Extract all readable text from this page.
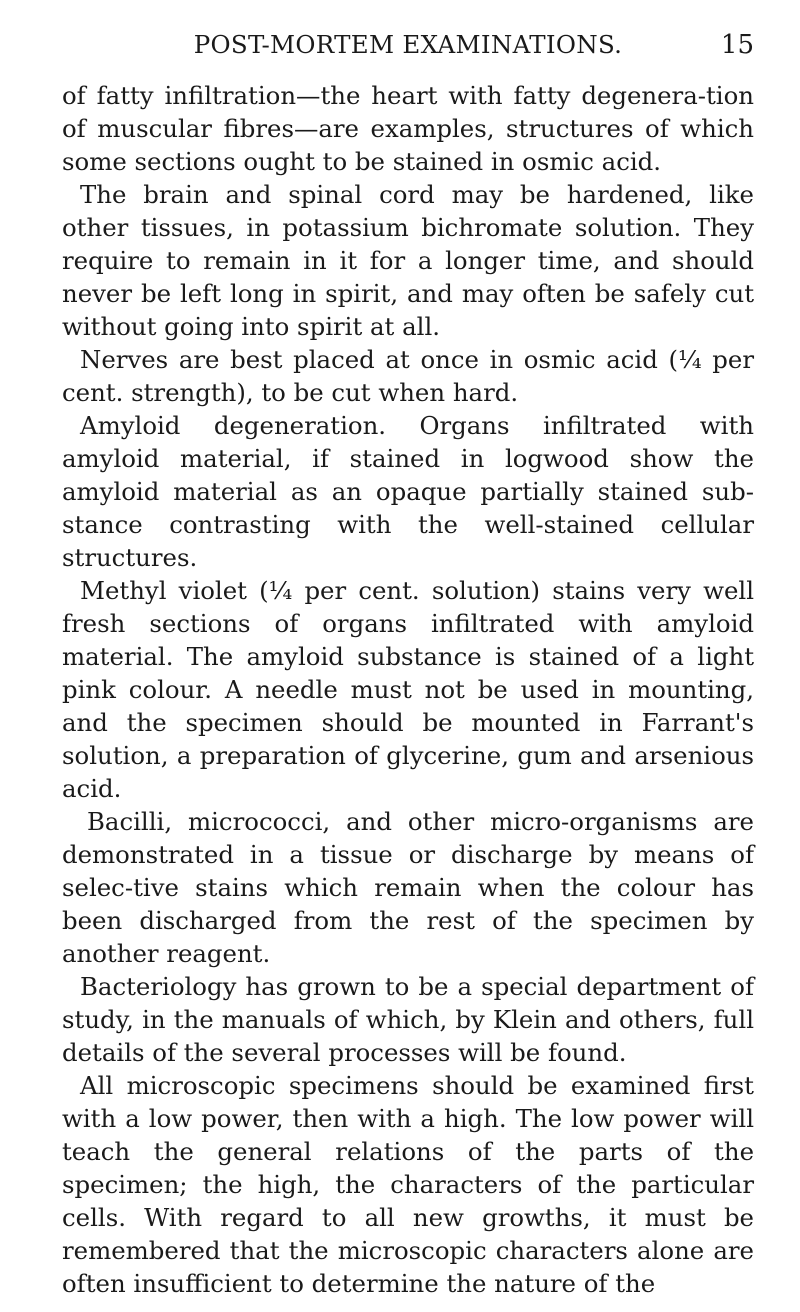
POST-MORTEM EXAMINATIONS.	15

of fatty infiltration—the heart with fatty degenera-tion of muscular fibres—are examples, structures of which some sections ought to be stained in osmic acid.

The brain and spinal cord may be hardened, like other tissues, in potassium bichromate solution. They require to remain in it for a longer time, and should never be left long in spirit, and may often be safely cut without going into spirit at all.

Nerves are best placed at once in osmic acid (¼ per cent. strength), to be cut when hard.

Amyloid degeneration. Organs infiltrated with amyloid material, if stained in logwood show the amyloid material as an opaque partially stained sub-stance contrasting with the well-stained cellular structures.

Methyl violet (¼ per cent. solution) stains very well fresh sections of organs infiltrated with amyloid material. The amyloid substance is stained of a light pink colour. A needle must not be used in mounting, and the specimen should be mounted in Farrant's solution, a preparation of glycerine, gum and arsenious acid.

Bacilli, micrococci, and other micro-organisms are demonstrated in a tissue or discharge by means of selec-tive stains which remain when the colour has been discharged from the rest of the specimen by another reagent.

Bacteriology has grown to be a special department of study, in the manuals of which, by Klein and others, full details of the several processes will be found.

All microscopic specimens should be examined first with a low power, then with a high. The low power will teach the general relations of the parts of the specimen; the high, the characters of the particular cells. With regard to all new growths, it must be remembered that the microscopic characters alone are often insufficient to determine the nature of the
